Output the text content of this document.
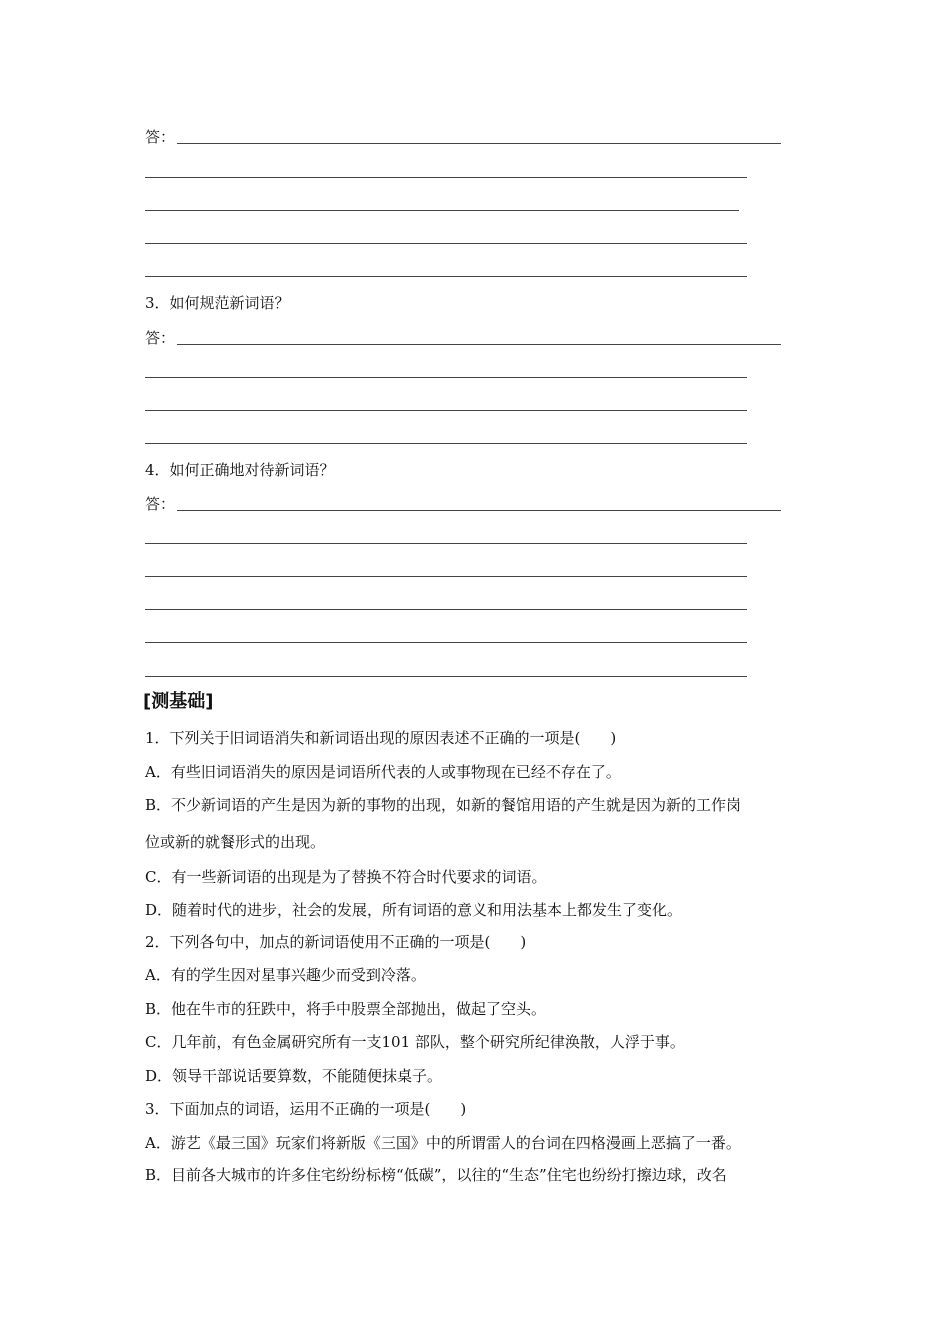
答：
3．如何规范新词语？
答：
4．如何正确地对待新词语？
答：
[测基础]
1．下列关于旧词语消失和新词语出现的原因表述不正确的一项是(　　)
A．有些旧词语消失的原因是词语所代表的人或事物现在已经不存在了。
B．不少新词语的产生是因为新的事物的出现，如新的餐馆用语的产生就是因为新的工作岗
位或新的就餐形式的出现。
C．有一些新词语的出现是为了替换不符合时代要求的词语。
D．随着时代的进步，社会的发展，所有词语的意义和用法基本上都发生了变化。
2．下列各句中，加点的新词语使用不正确的一项是(　　)
A．有的学生因对星事兴趣少而受到冷落。
B．他在牛市的狂跌中，将手中股票全部抛出，做起了空头。
C．几年前，有色金属研究所有一支101 部队，整个研究所纪律涣散，人浮于事。
D．领导干部说话要算数，不能随便抹桌子。
3．下面加点的词语，运用不正确的一项是(　　)
A．游艺《最三国》玩家们将新版《三国》中的所谓雷人的台词在四格漫画上恶搞了一番。
B．目前各大城市的许多住宅纷纷标榜“低碳”，以往的“生态”住宅也纷纷打擦边球，改名
